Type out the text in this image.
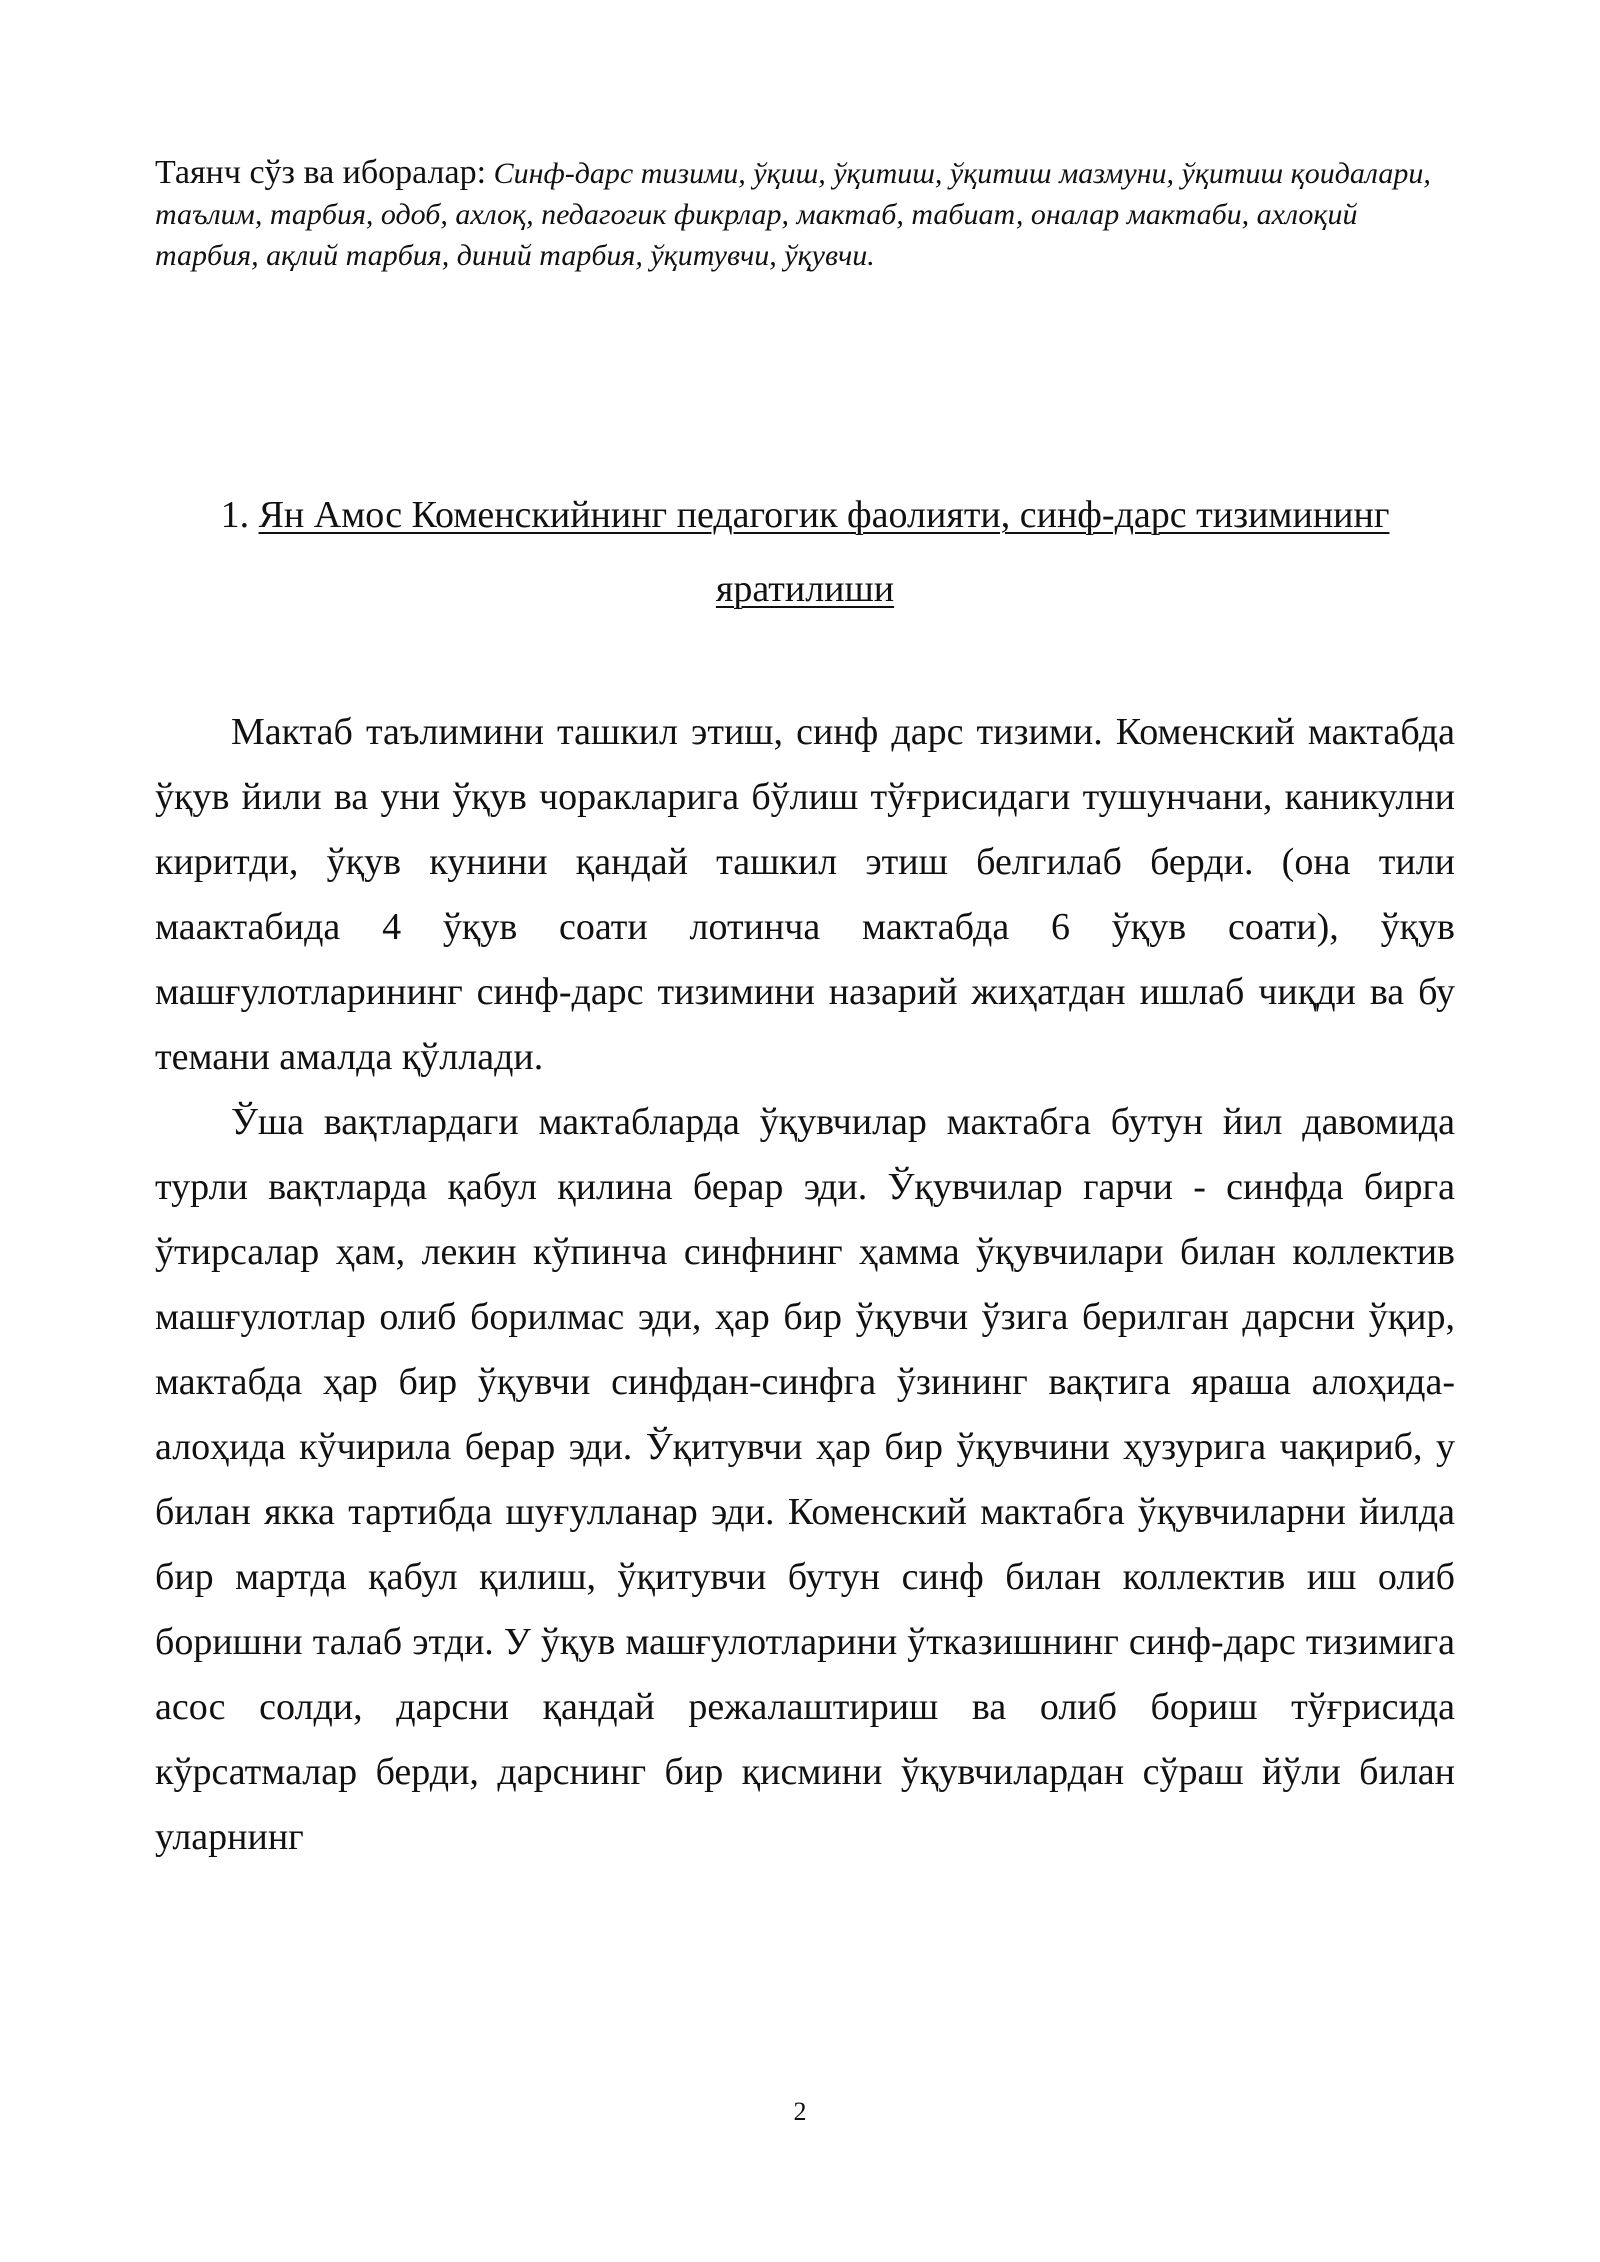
Таянч сўз ва иборалар: Синф-дарс тизими, ўқиш, ўқитиш, ўқитиш мазмуни, ўқитиш қоидалари, таълим, тарбия, одоб, ахлоқ, педагогик фикрлар, мактаб, табиат, оналар мактаби, ахлоқий тарбия, ақлий тарбия, диний тарбия, ўқитувчи, ўқувчи.

1. Ян Амос Коменскийнинг педагогик фаолияти, синф-дарс тизимининг яратилиши

Мактаб таълимини ташкил этиш, синф дарс тизими. Коменский мактабда ўқув йили ва уни ўқув чоракларига бўлиш тўғрисидаги тушунчани, каникулни киритди, ўқув кунини қандай ташкил этиш белгилаб берди. (она тили маактабида 4 ўқув соати лотинча мактабда 6 ўқув соати), ўқув машғулотларининг синф-дарс тизимини назарий жиҳатдан ишлаб чиқди ва бу темани амалда қўллади.

Ўша вақтлардаги мактабларда ўқувчилар мактабга бутун йил давомида турли вақтларда қабул қилина берар эди. Ўқувчилар гарчи - синфда бирга ўтирсалар ҳам, лекин кўпинча синфнинг ҳамма ўқувчилари билан коллектив машғулотлар олиб борилмас эди, ҳар бир ўқувчи ўзига берилган дарсни ўқир, мактабда ҳар бир ўқувчи синфдан-синфга ўзининг вақтига яраша алоҳида-алоҳида кўчирила берар эди. Ўқитувчи ҳар бир ўқувчини ҳузурига чақириб, у билан якка тартибда шуғулланар эди. Коменский мактабга ўқувчиларни йилда бир мартда қабул қилиш, ўқитувчи бутун синф билан коллектив иш олиб боришни талаб этди. У ўқув машғулотларини ўтказишнинг синф-дарс тизимига асос солди, дарсни қандай режалаштириш ва олиб бориш тўғрисида кўрсатмалар берди, дарснинг бир қисмини ўқувчилардан сўраш йўли билан уларнинг

2
